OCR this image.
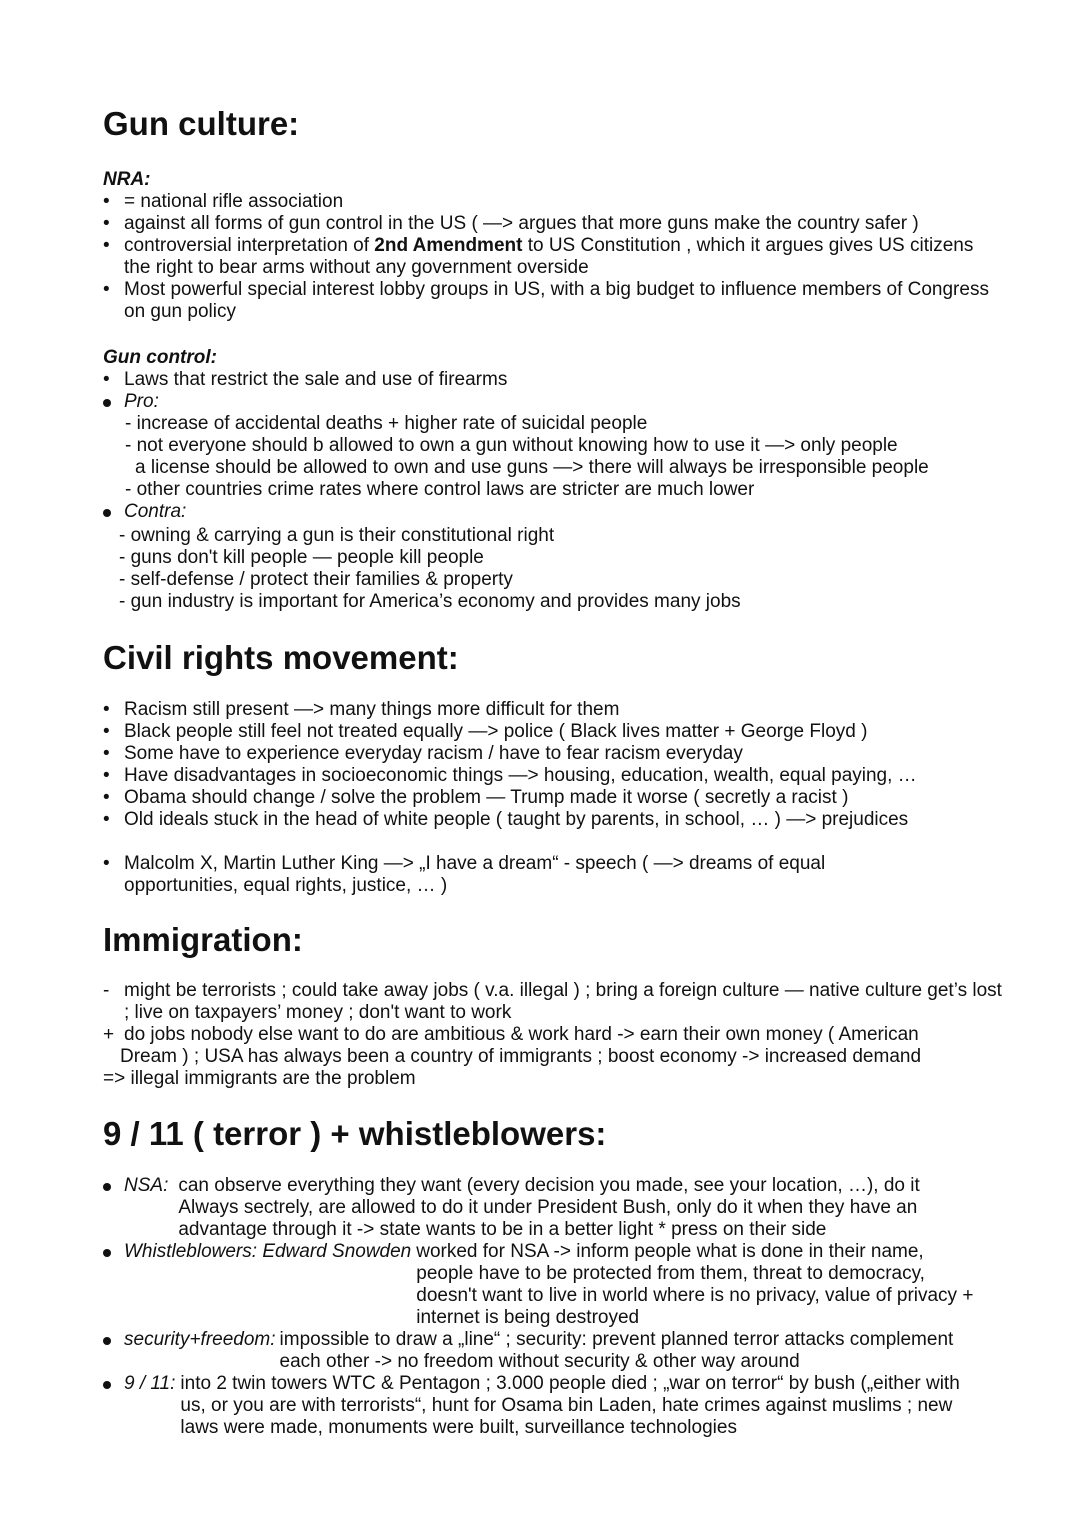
Gun culture:
NRA:
• = national rifle association
• against all forms of gun control in the US ( —> argues that more guns make the country safer )
• controversial interpretation of 2nd Amendment to US Constitution , which it argues gives US citizens the right to bear arms without any government overside
• Most powerful special interest lobby groups in US, with a big budget to influence members of Congress on gun policy
Gun control:
• Laws that restrict the sale and use of firearms
Pro:
- increase of accidental deaths + higher rate of suicidal people
- not everyone should b allowed to own a gun without knowing how to use it —> only people
a license should be allowed to own and use guns —> there will always be irresponsible people
- other countries crime rates where control laws are stricter are much lower
Contra:
- owning & carrying a gun is their constitutional right
- guns don't kill people — people kill people
- self-defense / protect their families & property
- gun industry is important for America’s economy and provides many jobs
Civil rights movement:
• Racism still present —> many things more difficult for them
• Black people still feel not treated equally —> police ( Black lives matter + George Floyd )
• Some have to experience everyday racism / have to fear racism everyday
• Have disadvantages in socioeconomic things —> housing, education, wealth, equal paying, …
• Obama should change / solve the problem — Trump made it worse ( secretly a racist )
• Old ideals stuck in the head of white people ( taught by parents, in school, … ) —> prejudices
• Malcolm X, Martin Luther King —> „I have a dream“ - speech ( —> dreams of equal opportunities, equal rights, justice, … )
Immigration:
- might be terrorists ; could take away jobs ( v.a. illegal ) ; bring a foreign culture — native culture get’s lost ; live on taxpayers’ money ; don't want to work
+ do jobs nobody else want to do are ambitious & work hard -> earn their own money ( American
Dream ) ; USA has always been a country of immigrants ; boost economy -> increased demand
=> illegal immigrants are the problem
9 / 11 ( terror ) + whistleblowers:
NSA: can observe everything they want (every decision you made, see your location, …), do it Always sectrely, are allowed to do it under President Bush, only do it when they have an advantage through it -> state wants to be in a better light * press on their side
Whistleblowers: Edward Snowden worked for NSA -> inform people what is done in their name, people have to be protected from them, threat to democracy, doesn't want to live in world where is no privacy, value of privacy + internet is being destroyed
security+freedom: impossible to draw a „line“ ; security: prevent planned terror attacks complement each other -> no freedom without security & other way around
9 / 11: into 2 twin towers WTC & Pentagon ; 3.000 people died ; „war on terror“ by bush („either with us, or you are with terrorists“, hunt for Osama bin Laden, hate crimes against muslims ; new laws were made, monuments were built, surveillance technologies
